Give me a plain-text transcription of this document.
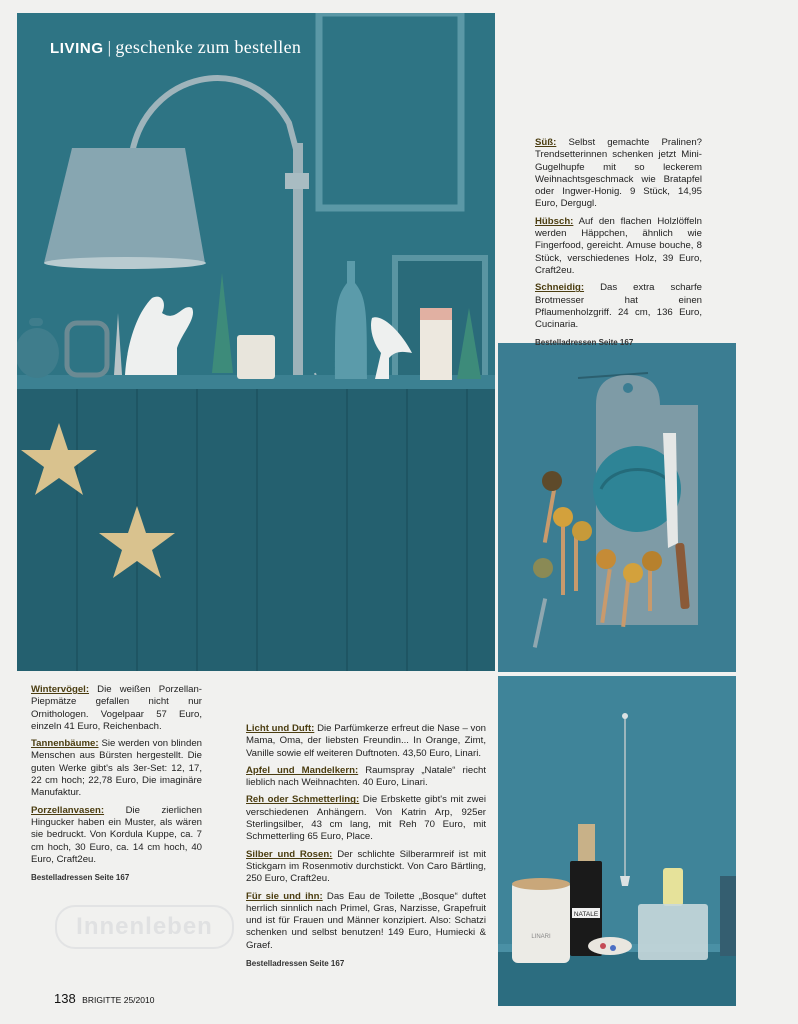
LIVING | geschenke zum bestellen
LINARI
NATALE

Süß: Selbst gemachte Pralinen? Trendsetterinnen schenken jetzt Mini-Gugelhupfe mit so leckerem Weihnachtsgeschmack wie Bratapfel oder Ingwer-Honig. 9 Stück, 14,95 Euro, Dergugl.

Hübsch: Auf den flachen Holzlöffeln werden Häppchen, ähnlich wie Fingerfood, gereicht. Amuse bouche, 8 Stück, verschiedenes Holz, 39 Euro, Craft2eu.

Schneidig: Das extra scharfe Brotmesser hat einen Pflaumenholzgriff. 24 cm, 136 Euro, Cucinaria.

Bestelladressen Seite 167

Wintervögel: Die weißen Porzellan-Piepmätze gefallen nicht nur Ornithologen. Vogelpaar 57 Euro, einzeln 41 Euro, Reichenbach.

Tannenbäume: Sie werden von blinden Menschen aus Bürsten hergestellt. Die guten Werke gibt's als 3er-Set: 12, 17, 22 cm hoch; 22,78 Euro, Die imaginäre Manufaktur.

Porzellanvasen: Die zierlichen Hingucker haben ein Muster, als wären sie bedruckt. Von Kordula Kuppe, ca. 7 cm hoch, 30 Euro, ca. 14 cm hoch, 40 Euro, Craft2eu.

Bestelladressen Seite 167
Innenleben

Licht und Duft: Die Parfümkerze erfreut die Nase – von Mama, Oma, der liebsten Freundin... In Orange, Zimt, Vanille sowie elf weiteren Duftnoten. 43,50 Euro, Linari.

Apfel und Mandelkern: Raumspray „Natale“ riecht lieblich nach Weihnachten. 40 Euro, Linari.

Reh oder Schmetterling: Die Erbskette gibt's mit zwei verschiedenen Anhängern. Von Katrin Arp, 925er Sterlingsilber, 43 cm lang, mit Reh 70 Euro, mit Schmetterling 65 Euro, Place.

Silber und Rosen: Der schlichte Silberarmreif ist mit Stickgarn im Rosenmotiv durchstickt. Von Caro Bärtling, 250 Euro, Craft2eu.

Für sie und ihn: Das Eau de Toilette „Bosque“ duftet herrlich sinnlich nach Primel, Gras, Narzisse, Grapefruit und ist für Frauen und Männer konzipiert. Also: Schatzi schenken und selbst benutzen! 149 Euro, Humiecki & Graef.

Bestelladressen Seite 167
138 BRIGITTE 25/2010
